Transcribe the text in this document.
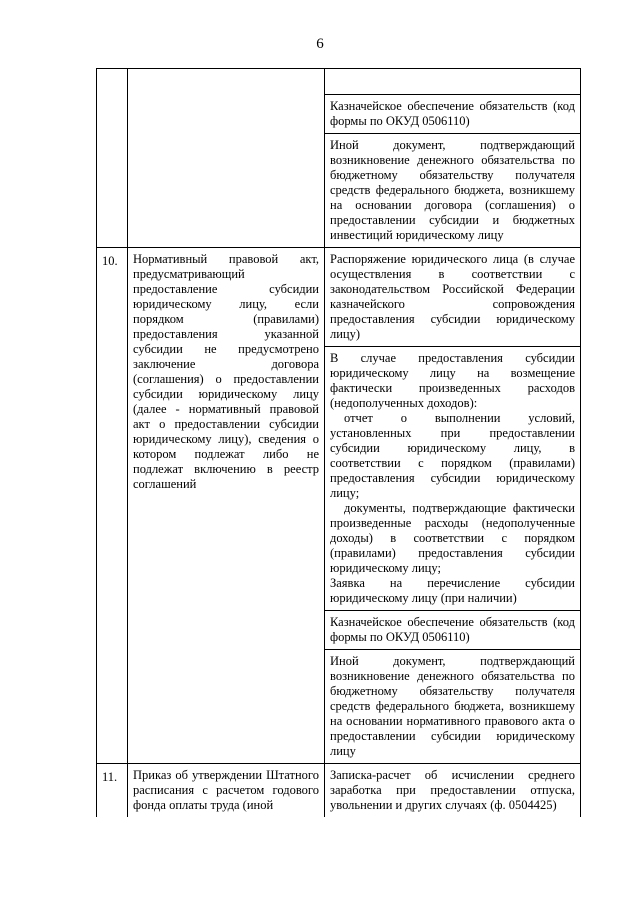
6

		Казначейское обеспечение обязательств (код формы по ОКУД 0506110)
		Иной документ, подтверждающий возникновение денежного обязательства по бюджетному обязательству получателя средств федерального бюджета, возникшему на основании договора (соглашения) о предоставлении субсидии и бюджетных инвестиций юридическому лицу
10.	Нормативный правовой акт, предусматривающий предоставление субсидии юридическому лицу, если порядком (правилами) предоставления указанной субсидии не предусмотрено заключение договора (соглашения) о предоставлении субсидии юридическому лицу (далее - нормативный правовой акт о предоставлении субсидии юридическому лицу), сведения о котором подлежат либо не подлежат включению в реестр соглашений	Распоряжение юридического лица (в случае осуществления в соответствии с законодательством Российской Федерации казначейского сопровождения предоставления субсидии юридическому лицу)

		В случае предоставления субсидии юридическому лицу на возмещение фактически произведенных расходов (недополученных доходов):
отчет о выполнении условий, установленных при предоставлении субсидии юридическому лицу, в соответствии с порядком (правилами) предоставления субсидии юридическому лицу;
документы, подтверждающие фактически произведенные расходы (недополученные доходы) в соответствии с порядком (правилами) предоставления субсидии юридическому лицу;
Заявка на перечисление субсидии юридическому лицу (при наличии)

		Казначейское обеспечение обязательств (код формы по ОКУД 0506110)
		Иной документ, подтверждающий возникновение денежного обязательства по бюджетному обязательству получателя средств федерального бюджета, возникшему на основании нормативного правового акта о предоставлении субсидии юридическому лицу
11.	Приказ об утверждении Штатного расписания с расчетом годового фонда оплаты труда (иной	Записка-расчет об исчислении среднего заработка при предоставлении отпуска, увольнении и других случаях (ф. 0504425)
